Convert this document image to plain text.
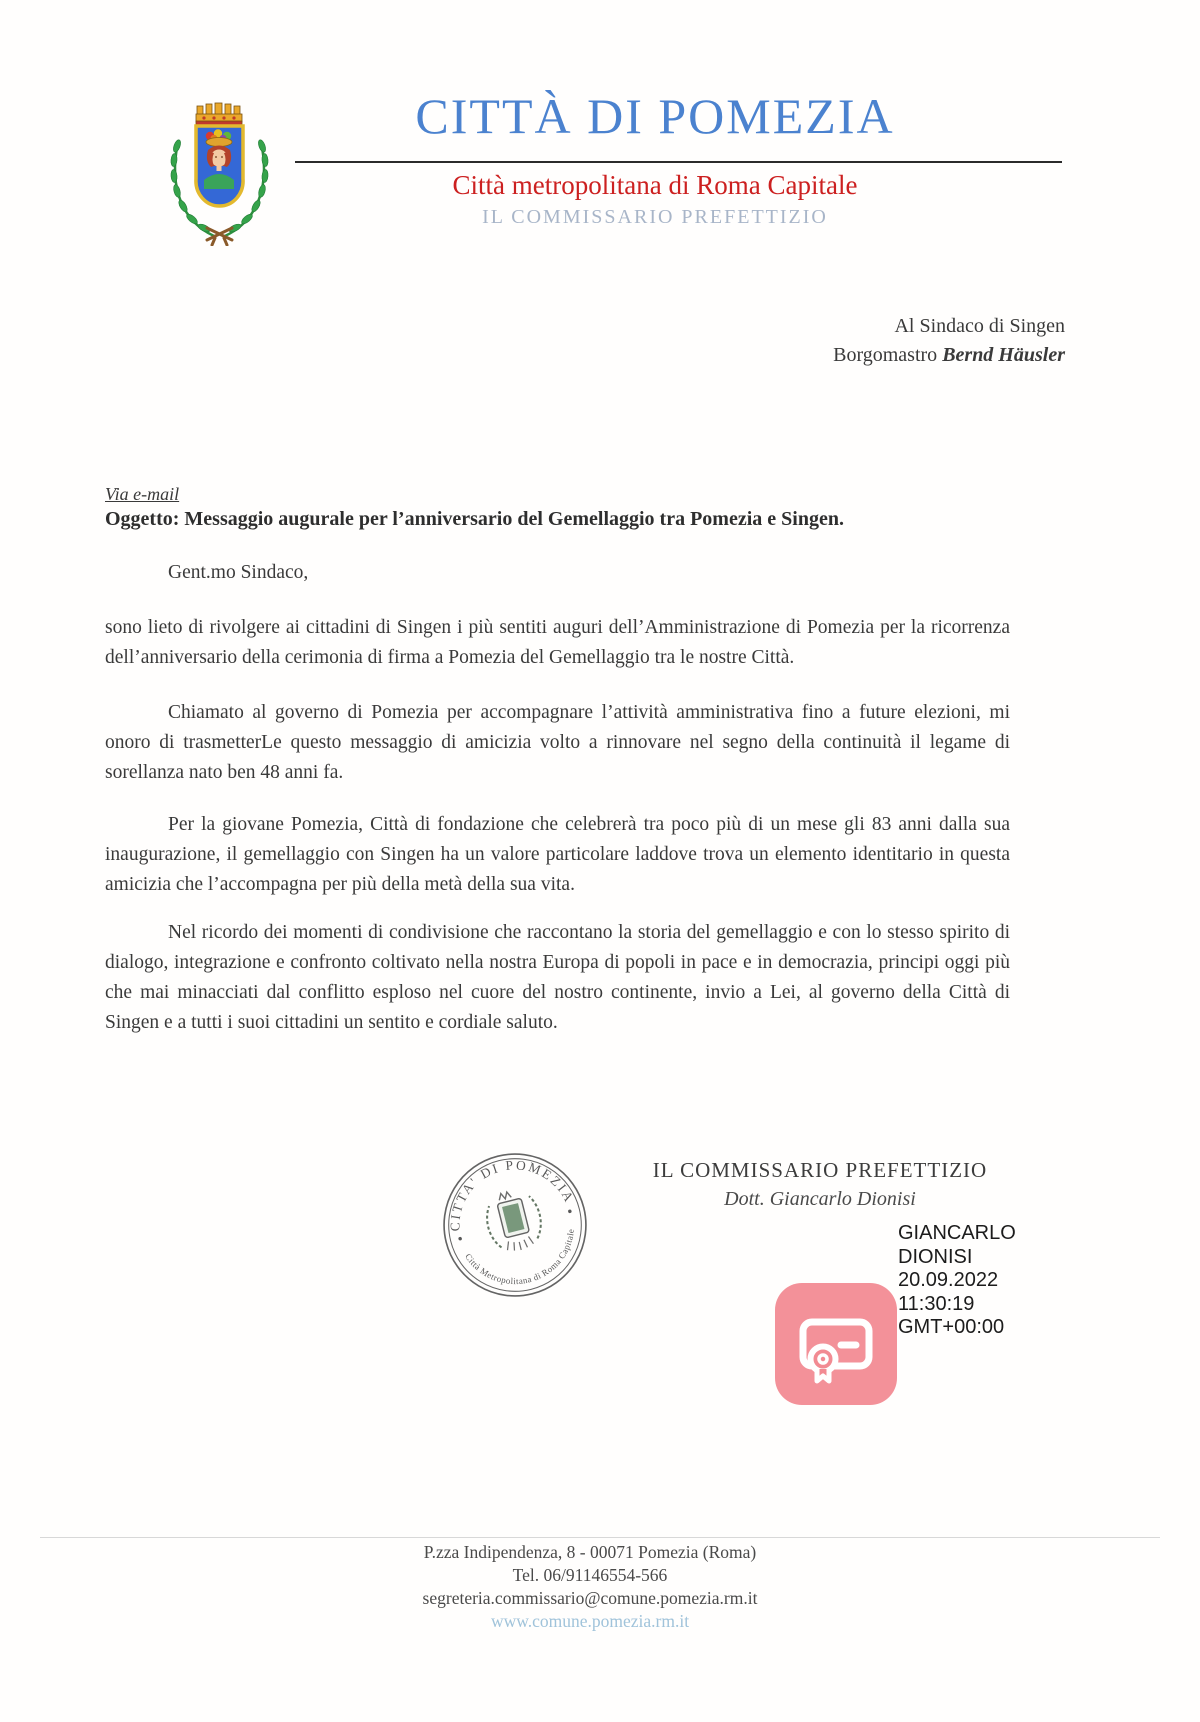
CITTÀ DI POMEZIA
Città metropolitana di Roma Capitale
IL COMMISSARIO PREFETTIZIO
Al Sindaco di Singen
Borgomastro Bernd Häusler
Via e-mail
Oggetto: Messaggio augurale per l’anniversario del Gemellaggio tra Pomezia e Singen.
Gent.mo Sindaco,

sono lieto di rivolgere ai cittadini di Singen i più sentiti auguri dell’Amministrazione di Pomezia per la ricorrenza dell’anniversario della cerimonia di firma a Pomezia del Gemellaggio tra le nostre Città.

Chiamato al governo di Pomezia per accompagnare l’attività amministrativa fino a future elezioni, mi onoro di trasmetterLe questo messaggio di amicizia volto a rinnovare nel segno della continuità il legame di sorellanza nato ben 48 anni fa.

Per la giovane Pomezia, Città di fondazione che celebrerà tra poco più di un mese gli 83 anni dalla sua inaugurazione, il gemellaggio con Singen ha un valore particolare laddove trova un elemento identitario in questa amicizia che l’accompagna per più della metà della sua vita.

Nel ricordo dei momenti di condivisione che raccontano la storia del gemellaggio e con lo stesso spirito di dialogo, integrazione e confronto coltivato nella nostra Europa di popoli in pace e in democrazia, principi oggi più che mai minacciati dal conflitto esploso nel cuore del nostro continente, invio a Lei, al governo della Città di Singen e a tutti i suoi cittadini un sentito e cordiale saluto.

CITTA' DI POMEZIA
Città Metropolitana di Roma Capitale
IL COMMISSARIO PREFETTIZIO
Dott. Giancarlo Dionisi
GIANCARLO
DIONISI
20.09.2022
11:30:19
GMT+00:00
P.zza Indipendenza, 8 - 00071 Pomezia (Roma)
Tel. 06/91146554-566
segreteria.commissario@comune.pomezia.rm.it
www.comune.pomezia.rm.it
